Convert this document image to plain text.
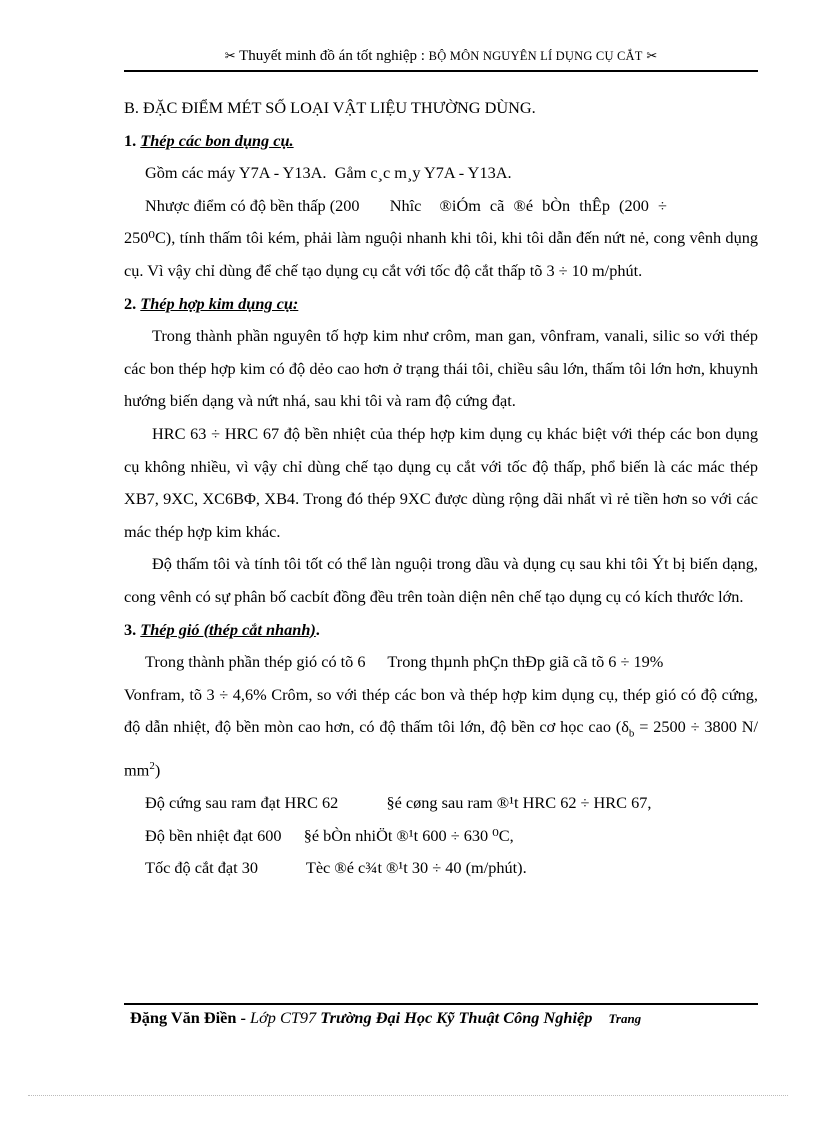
✂ Thuyết minh đồ án tốt nghiệp : BỘ MÔN NGUYÊN LÍ DỤNG CỤ CẮT ✂

B. ĐẶC ĐIỂM MÉT SỐ LOẠI VẬT LIỆU THƯỜNG DÙNG.

1. Thép các bon dụng cụ.

Gồm các máy Y7A - Y13A. Gåm c¸c m¸y Y7A - Y13A.

Nhược điểm có độ bền thấp (200 Nhîc ®iÓm cã ®é bÒn thÊp (200 ÷

250⁰C), tính thấm tôi kém, phải làm nguội nhanh khi tôi, khi tôi dẫn đến nứt nẻ, cong vênh dụng cụ. Vì vậy chỉ dùng để chế tạo dụng cụ cắt với tốc độ cắt thấp tõ 3 ÷ 10 m/phút.

2. Thép hợp kim dụng cụ:

Trong thành phần nguyên tố hợp kim như crôm, man gan, vônfram, vanali, silic so với thép các bon thép hợp kim có độ dẻo cao hơn ở trạng thái tôi, chiều sâu lớn, thấm tôi lớn hơn, khuynh hướng biến dạng và nứt nhá, sau khi tôi và ram độ cứng đạt.

HRC 63 ÷ HRC 67 độ bền nhiệt của thép hợp kim dụng cụ khác biệt với thép các bon dụng cụ không nhiều, vì vậy chỉ dùng chế tạo dụng cụ cắt với tốc độ thấp, phổ biến là các mác thép XB7, 9XC, XC6BΦ, XB4. Trong đó thép 9XC được dùng rộng dãi nhất vì rẻ tiền hơn so với các mác thép hợp kim khác.

Độ thấm tôi và tính tôi tốt có thể làn nguội trong dầu và dụng cụ sau khi tôi Ýt bị biến dạng, cong vênh có sự phân bố cacbít đồng đều trên toàn diện nên chế tạo dụng cụ có kích thước lớn.

3. Thép gió (thép cắt nhanh).

Trong thành phần thép gió có tõ 6 Trong thµnh phÇn thÐp giã cã tõ 6 ÷ 19%

Vonfram, tõ 3 ÷ 4,6% Crôm, so với thép các bon và thép hợp kim dụng cụ, thép gió có độ cứng, độ dẫn nhiệt, độ bền mòn cao hơn, có độ thấm tôi lớn, độ bền cơ học cao ($\delta_b = 2500 \div 3800$ N/ $mm^2$)

Độ cứng sau ram đạt HRC 62	§é cøng sau ram ®¹t HRC 62 ÷ HRC 67,

Độ bền nhiệt đạt 600 §é bÒn nhiÖt ®¹t 600 ÷ 630 ⁰C,

Tốc độ cắt đạt 30	Tèc ®é c¾t ®¹t 30 ÷ 40 (m/phút).

Đặng Văn Điền - Lớp CT97 Trường Đại Học Kỹ Thuật Công Nghiệp Trang
